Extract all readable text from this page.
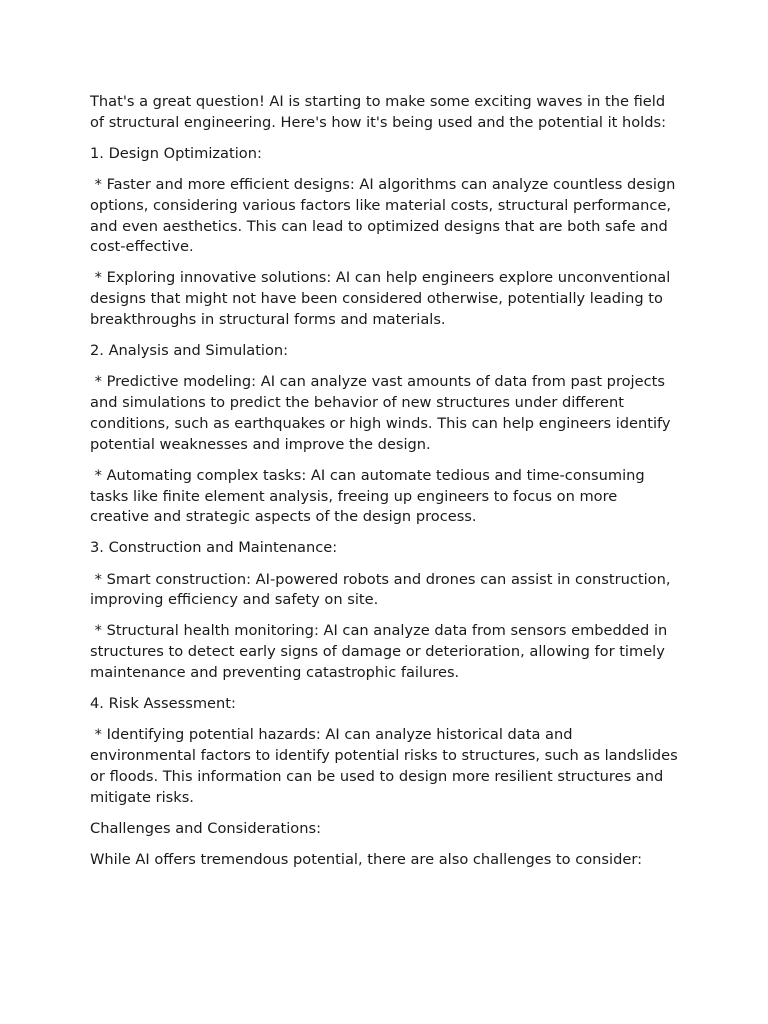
That's a great question! AI is starting to make some exciting waves in the field of structural engineering. Here's how it's being used and the potential it holds:

1. Design Optimization:

* Faster and more efficient designs: AI algorithms can analyze countless design options, considering various factors like material costs, structural performance, and even aesthetics. This can lead to optimized designs that are both safe and cost-effective.

* Exploring innovative solutions: AI can help engineers explore unconventional designs that might not have been considered otherwise, potentially leading to breakthroughs in structural forms and materials.

2. Analysis and Simulation:

* Predictive modeling: AI can analyze vast amounts of data from past projects and simulations to predict the behavior of new structures under different conditions, such as earthquakes or high winds. This can help engineers identify potential weaknesses and improve the design.

* Automating complex tasks: AI can automate tedious and time-consuming tasks like finite element analysis, freeing up engineers to focus on more creative and strategic aspects of the design process.

3. Construction and Maintenance:

* Smart construction: AI-powered robots and drones can assist in construction, improving efficiency and safety on site.

* Structural health monitoring: AI can analyze data from sensors embedded in structures to detect early signs of damage or deterioration, allowing for timely maintenance and preventing catastrophic failures.

4. Risk Assessment:

* Identifying potential hazards: AI can analyze historical data and environmental factors to identify potential risks to structures, such as landslides or floods. This information can be used to design more resilient structures and mitigate risks.

Challenges and Considerations:

While AI offers tremendous potential, there are also challenges to consider:
